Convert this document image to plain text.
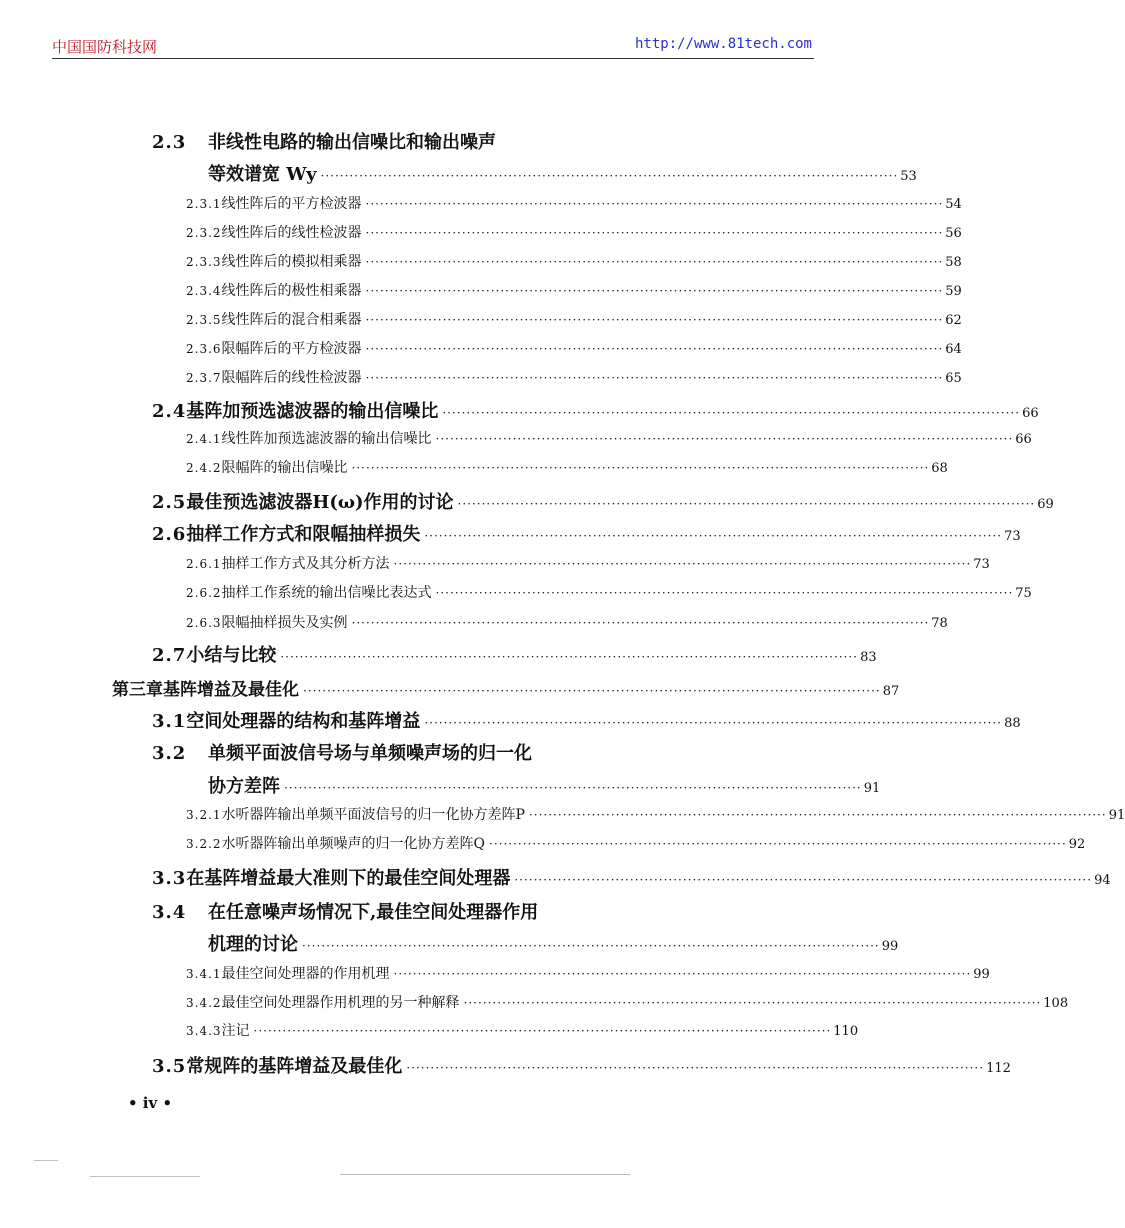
中国国防科技网	http://www.81tech.com
2.3	非线性电路的输出信噪比和输出噪声
等效谱宽 Wy ························································································································ 53
2.3.1 线性阵后的平方检波器 ························································································································ 54
2.3.2 线性阵后的线性检波器 ························································································································ 56
2.3.3 线性阵后的模拟相乘器 ························································································································ 58
2.3.4 线性阵后的极性相乘器 ························································································································ 59
2.3.5 线性阵后的混合相乘器 ························································································································ 62
2.3.6 限幅阵后的平方检波器 ························································································································ 64
2.3.7 限幅阵后的线性检波器 ························································································································ 65
2.4 基阵加预选滤波器的输出信噪比 ························································································································ 66
2.4.1 线性阵加预选滤波器的输出信噪比 ························································································································ 66
2.4.2 限幅阵的输出信噪比 ························································································································ 68
2.5 最佳预选滤波器H(ω)作用的讨论 ························································································································ 69
2.6 抽样工作方式和限幅抽样损失 ························································································································ 73
2.6.1 抽样工作方式及其分析方法 ························································································································ 73
2.6.2 抽样工作系统的输出信噪比表达式 ························································································································ 75
2.6.3 限幅抽样损失及实例 ························································································································ 78
2.7 小结与比较 ························································································································ 83
第三章 基阵增益及最佳化 ························································································································ 87
3.1 空间处理器的结构和基阵增益 ························································································································ 88
3.2	单频平面波信号场与单频噪声场的归一化
协方差阵 ························································································································ 91
3.2.1 水听器阵输出单频平面波信号的归一化协方差阵P ························································································································ 91
3.2.2 水听器阵输出单频噪声的归一化协方差阵Q ························································································································ 92
3.3 在基阵增益最大准则下的最佳空间处理器 ························································································································ 94
3.4	在任意噪声场情况下,最佳空间处理器作用
机理的讨论 ························································································································ 99
3.4.1 最佳空间处理器的作用机理 ························································································································ 99
3.4.2 最佳空间处理器作用机理的另一种解释 ························································································································ 108
3.4.3 注记 ························································································································ 110
3.5 常规阵的基阵增益及最佳化 ························································································································ 112
• iv •
